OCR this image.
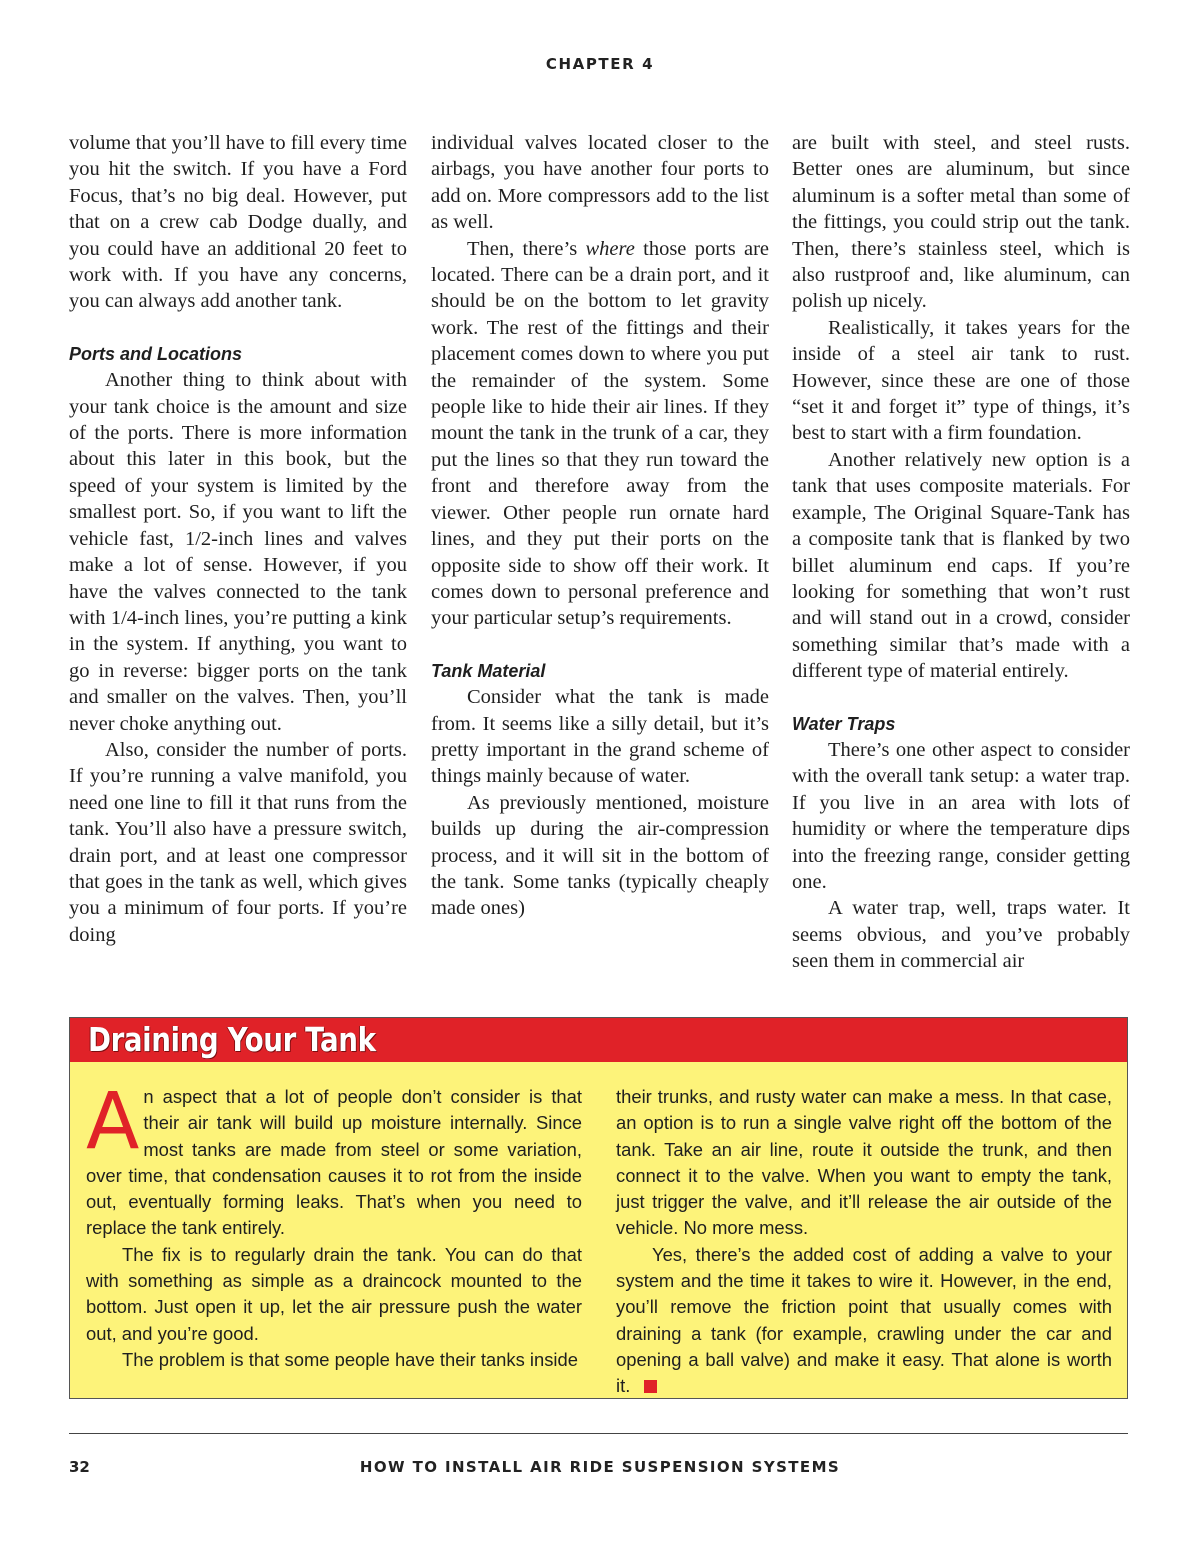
CHAPTER 4

volume that you’ll have to fill every time you hit the switch. If you have a Ford Focus, that’s no big deal. However, put that on a crew cab Dodge dually, and you could have an additional 20 feet to work with. If you have any concerns, you can always add another tank.

Ports and Locations

Another thing to think about with your tank choice is the amount and size of the ports. There is more information about this later in this book, but the speed of your system is limited by the smallest port. So, if you want to lift the vehicle fast, 1/2-inch lines and valves make a lot of sense. However, if you have the valves connected to the tank with 1/4-inch lines, you’re putting a kink in the system. If anything, you want to go in reverse: bigger ports on the tank and smaller on the valves. Then, you’ll never choke anything out.

Also, consider the number of ports. If you’re running a valve manifold, you need one line to fill it that runs from the tank. You’ll also have a pressure switch, drain port, and at least one compressor that goes in the tank as well, which gives you a minimum of four ports. If you’re doing

individual valves located closer to the airbags, you have another four ports to add on. More compressors add to the list as well.

Then, there’s where those ports are located. There can be a drain port, and it should be on the bottom to let gravity work. The rest of the fittings and their placement comes down to where you put the remainder of the system. Some people like to hide their air lines. If they mount the tank in the trunk of a car, they put the lines so that they run toward the front and therefore away from the viewer. Other people run ornate hard lines, and they put their ports on the opposite side to show off their work. It comes down to personal preference and your particular setup’s requirements.

Tank Material

Consider what the tank is made from. It seems like a silly detail, but it’s pretty important in the grand scheme of things mainly because of water.

As previously mentioned, moisture builds up during the air-compression process, and it will sit in the bottom of the tank. Some tanks (typically cheaply made ones)

are built with steel, and steel rusts. Better ones are aluminum, but since aluminum is a softer metal than some of the fittings, you could strip out the tank. Then, there’s stainless steel, which is also rustproof and, like aluminum, can polish up nicely.

Realistically, it takes years for the inside of a steel air tank to rust. However, since these are one of those “set it and forget it” type of things, it’s best to start with a firm foundation.

Another relatively new option is a tank that uses composite materials. For example, The Original Square-Tank has a composite tank that is flanked by two billet aluminum end caps. If you’re looking for something that won’t rust and will stand out in a crowd, consider something similar that’s made with a different type of material entirely.

Water Traps

There’s one other aspect to consider with the overall tank setup: a water trap. If you live in an area with lots of humidity or where the temperature dips into the freezing range, consider getting one.

A water trap, well, traps water. It seems obvious, and you’ve probably seen them in commercial air

Draining Your Tank

An aspect that a lot of people don’t consider is that their air tank will build up moisture internally. Since most tanks are made from steel or some variation, over time, that condensation causes it to rot from the inside out, eventually forming leaks. That’s when you need to replace the tank entirely.

The fix is to regularly drain the tank. You can do that with something as simple as a draincock mounted to the bottom. Just open it up, let the air pressure push the water out, and you’re good.

The problem is that some people have their tanks inside

their trunks, and rusty water can make a mess. In that case, an option is to run a single valve right off the bottom of the tank. Take an air line, route it outside the trunk, and then connect it to the valve. When you want to empty the tank, just trigger the valve, and it’ll release the air outside of the vehicle. No more mess.

Yes, there’s the added cost of adding a valve to your system and the time it takes to wire it. However, in the end, you’ll remove the friction point that usually comes with draining a tank (for example, crawling under the car and opening a ball valve) and make it easy. That alone is worth it.

32	HOW TO INSTALL AIR RIDE SUSPENSION SYSTEMS
